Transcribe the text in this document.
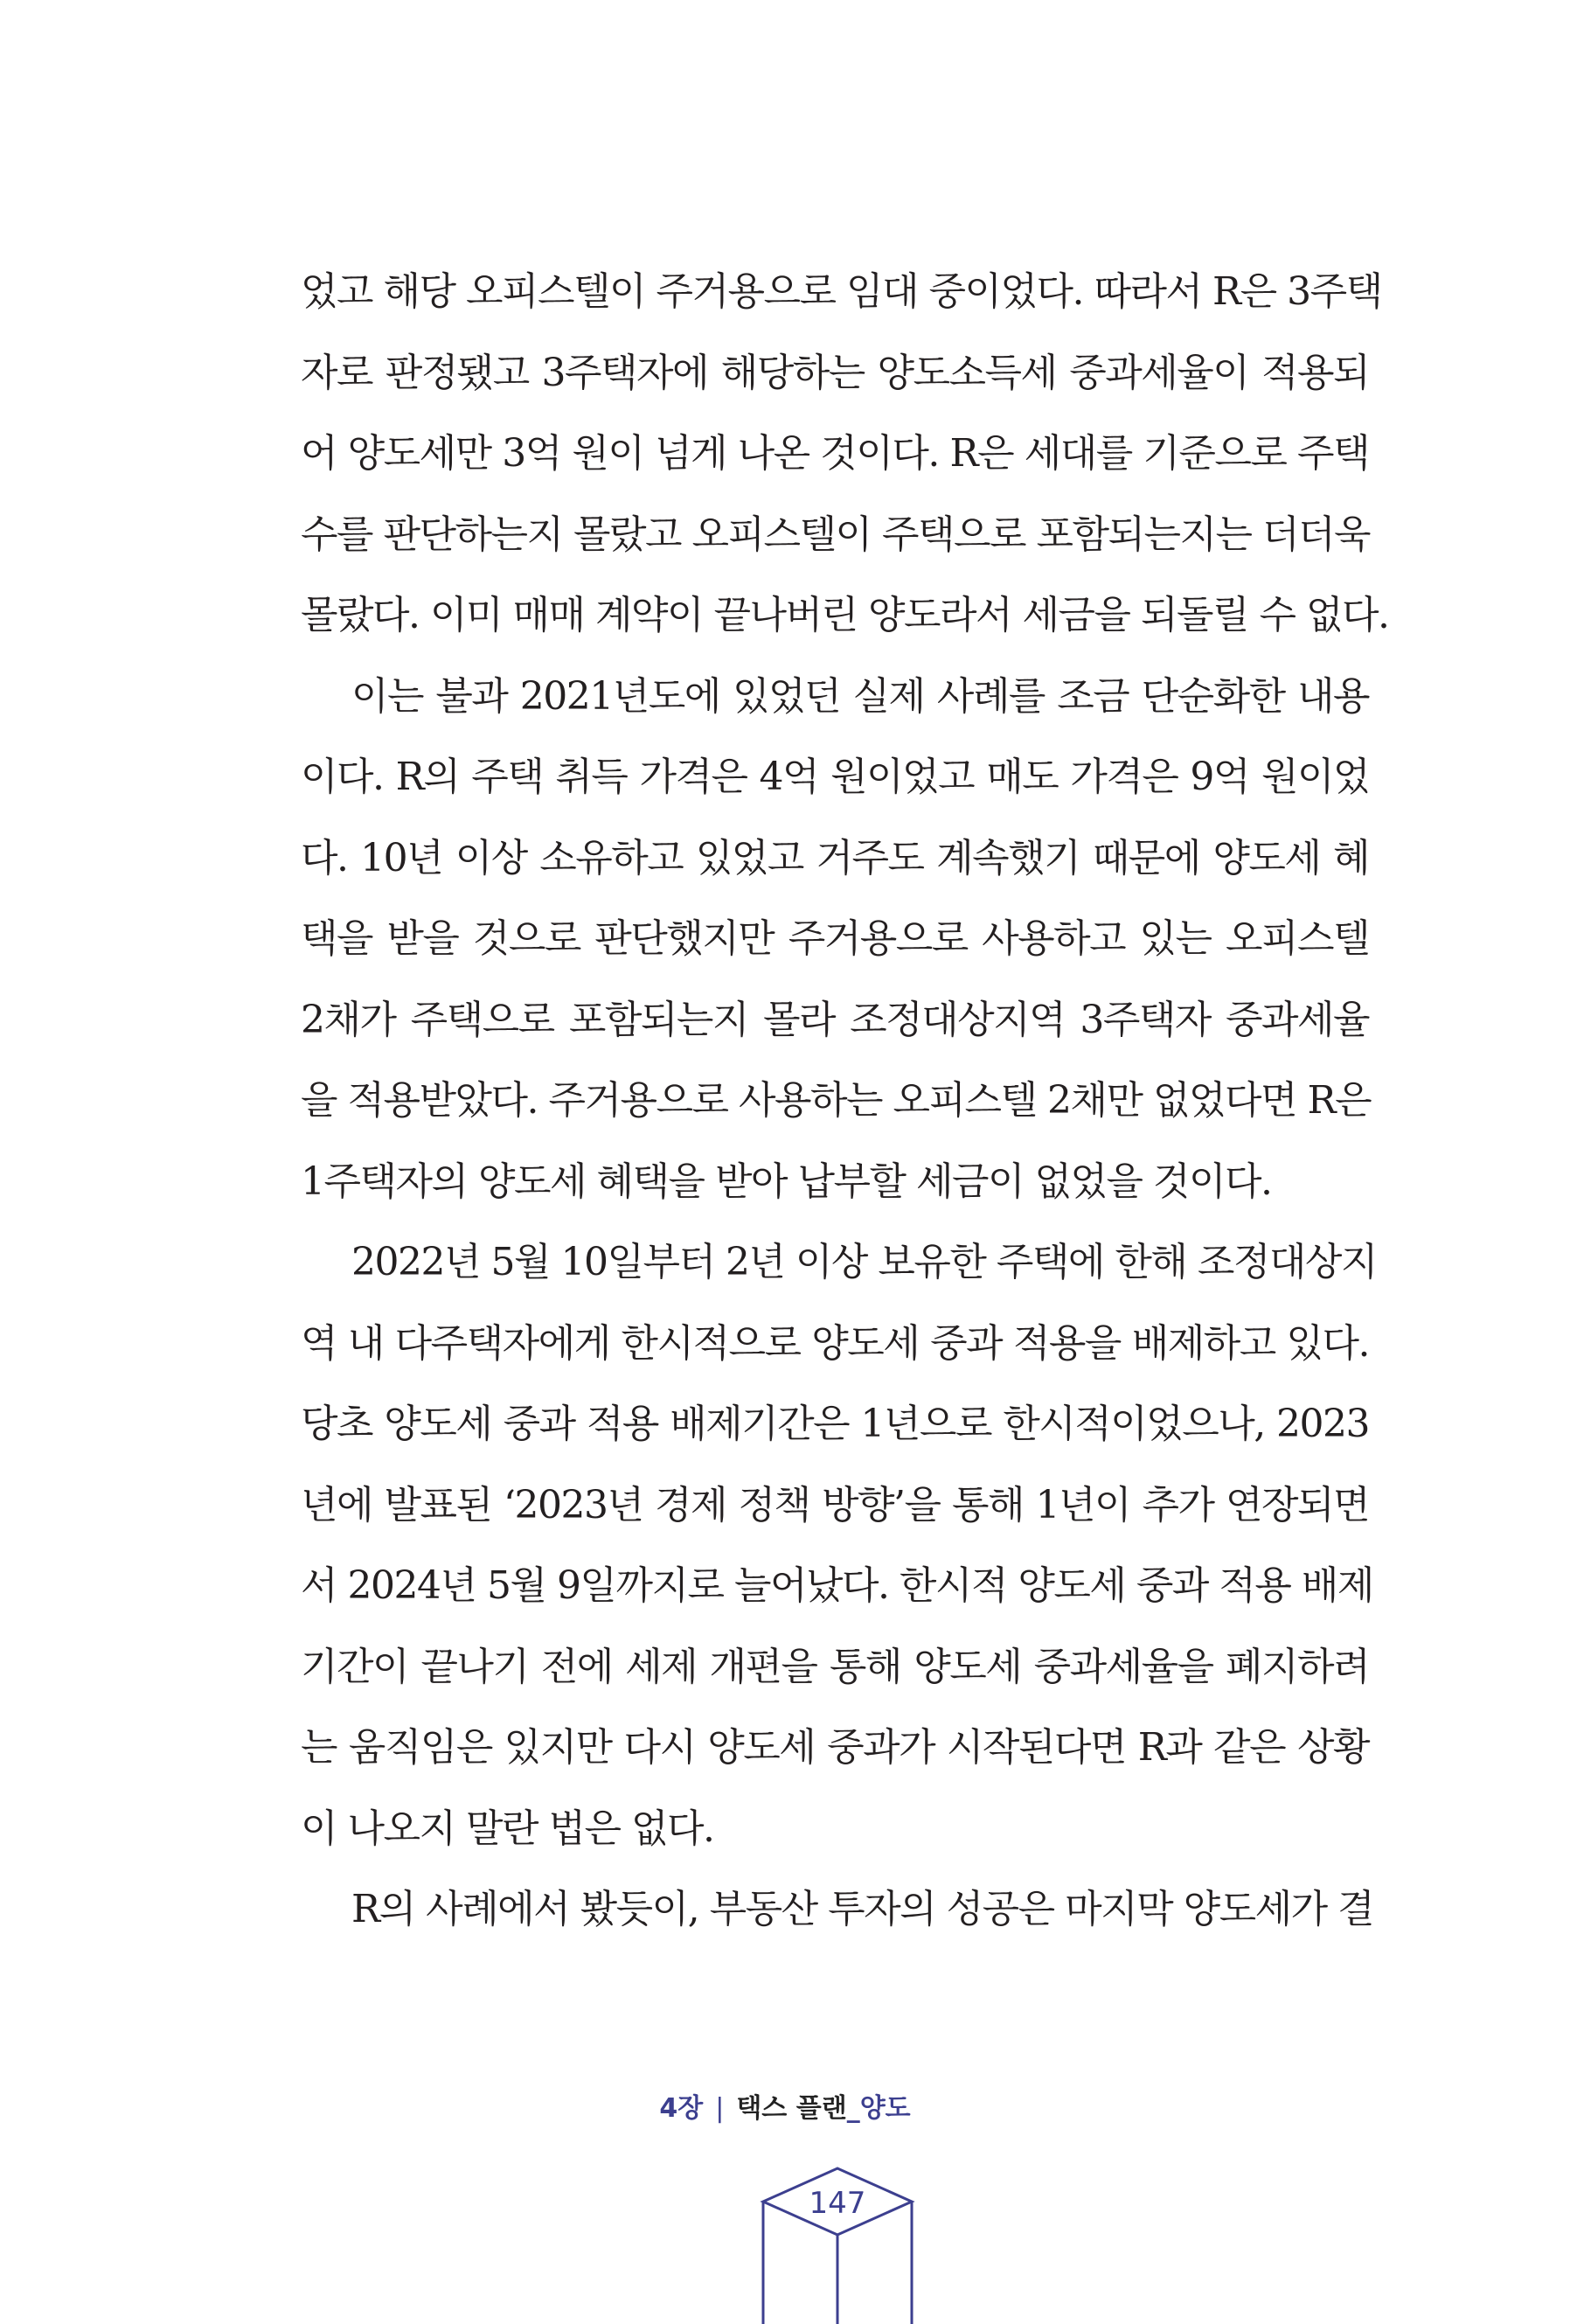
었고 해당 오피스텔이 주거용으로 임대 중이었다. 따라서 R은 3주택
자로 판정됐고 3주택자에 해당하는 양도소득세 중과세율이 적용되
어 양도세만 3억 원이 넘게 나온 것이다. R은 세대를 기준으로 주택
수를 판단하는지 몰랐고 오피스텔이 주택으로 포함되는지는 더더욱
몰랐다. 이미 매매 계약이 끝나버린 양도라서 세금을 되돌릴 수 없다.
이는 불과 2021년도에 있었던 실제 사례를 조금 단순화한 내용
이다. R의 주택 취득 가격은 4억 원이었고 매도 가격은 9억 원이었
다. 10년 이상 소유하고 있었고 거주도 계속했기 때문에 양도세 혜
택을 받을 것으로 판단했지만 주거용으로 사용하고 있는 오피스텔
2채가 주택으로 포함되는지 몰라 조정대상지역 3주택자 중과세율
을 적용받았다. 주거용으로 사용하는 오피스텔 2채만 없었다면 R은
1주택자의 양도세 혜택을 받아 납부할 세금이 없었을 것이다.
2022년 5월 10일부터 2년 이상 보유한 주택에 한해 조정대상지
역 내 다주택자에게 한시적으로 양도세 중과 적용을 배제하고 있다.
당초 양도세 중과 적용 배제기간은 1년으로 한시적이었으나, 2023
년에 발표된 ‘2023년 경제 정책 방향’을 통해 1년이 추가 연장되면
서 2024년 5월 9일까지로 늘어났다. 한시적 양도세 중과 적용 배제
기간이 끝나기 전에 세제 개편을 통해 양도세 중과세율을 폐지하려
는 움직임은 있지만 다시 양도세 중과가 시작된다면 R과 같은 상황
이 나오지 말란 법은 없다.
R의 사례에서 봤듯이, 부동산 투자의 성공은 마지막 양도세가 결
4장 | 택스 플랜_양도
147
